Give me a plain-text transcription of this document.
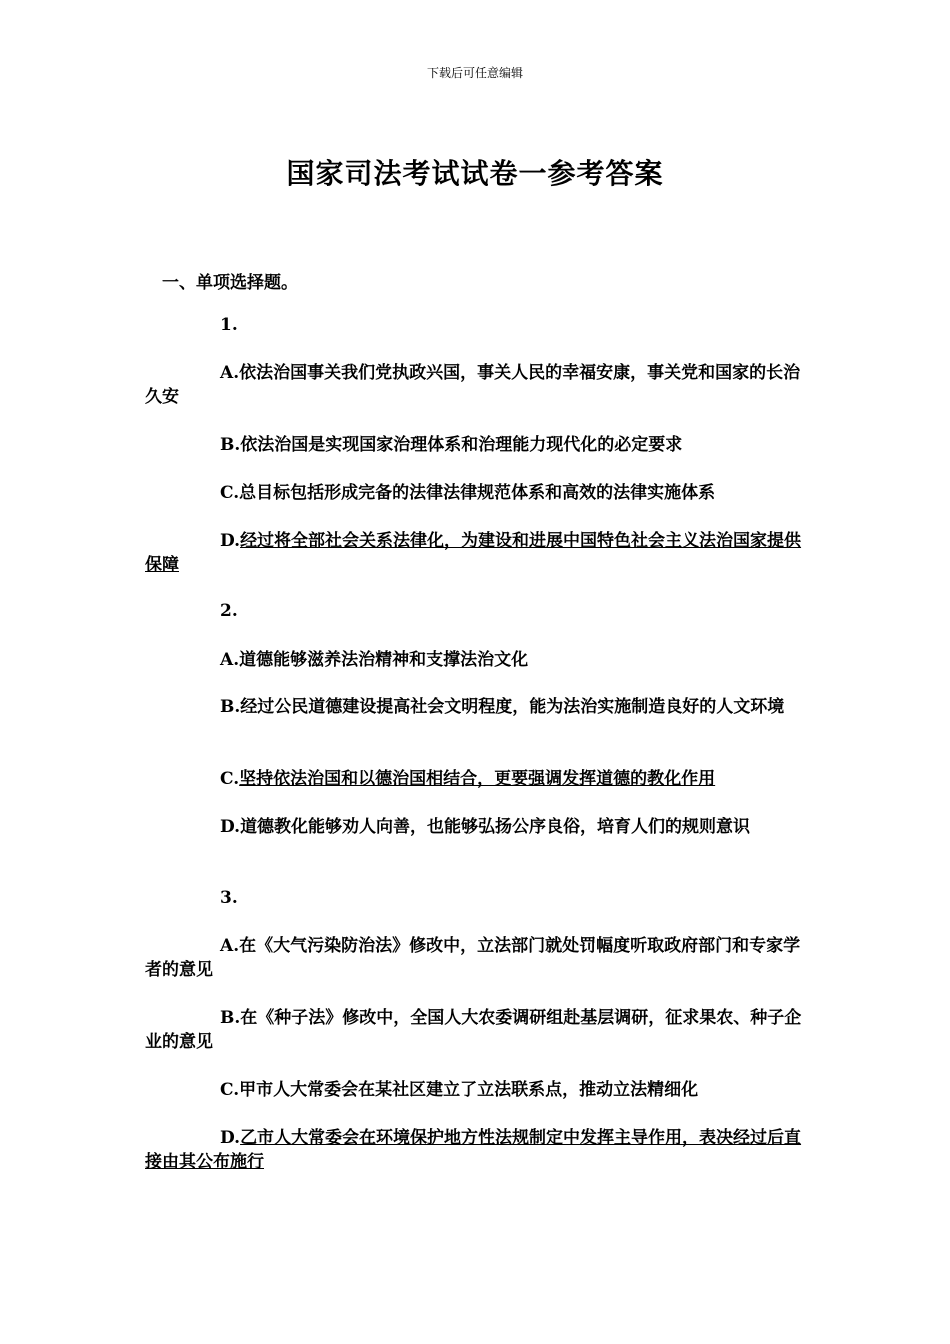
下载后可任意编辑
国家司法考试试卷一参考答案
一、单项选择题。
1.
A.依法治国事关我们党执政兴国，事关人民的幸福安康，事关党和国家的长治久安
B.依法治国是实现国家治理体系和治理能力现代化的必定要求
C.总目标包括形成完备的法律法律规范体系和高效的法律实施体系
D.经过将全部社会关系法律化，为建设和进展中国特色社会主义法治国家提供保障
2.
A.道德能够滋养法治精神和支撑法治文化
B.经过公民道德建设提高社会文明程度，能为法治实施制造良好的人文环境
C.坚持依法治国和以德治国相结合，更要强调发挥道德的教化作用
D.道德教化能够劝人向善，也能够弘扬公序良俗，培育人们的规则意识
3.
A.在《大气污染防治法》修改中，立法部门就处罚幅度听取政府部门和专家学者的意见
B.在《种子法》修改中，全国人大农委调研组赴基层调研，征求果农、种子企业的意见
C.甲市人大常委会在某社区建立了立法联系点，推动立法精细化
D.乙市人大常委会在环境保护地方性法规制定中发挥主导作用，表决经过后直接由其公布施行
